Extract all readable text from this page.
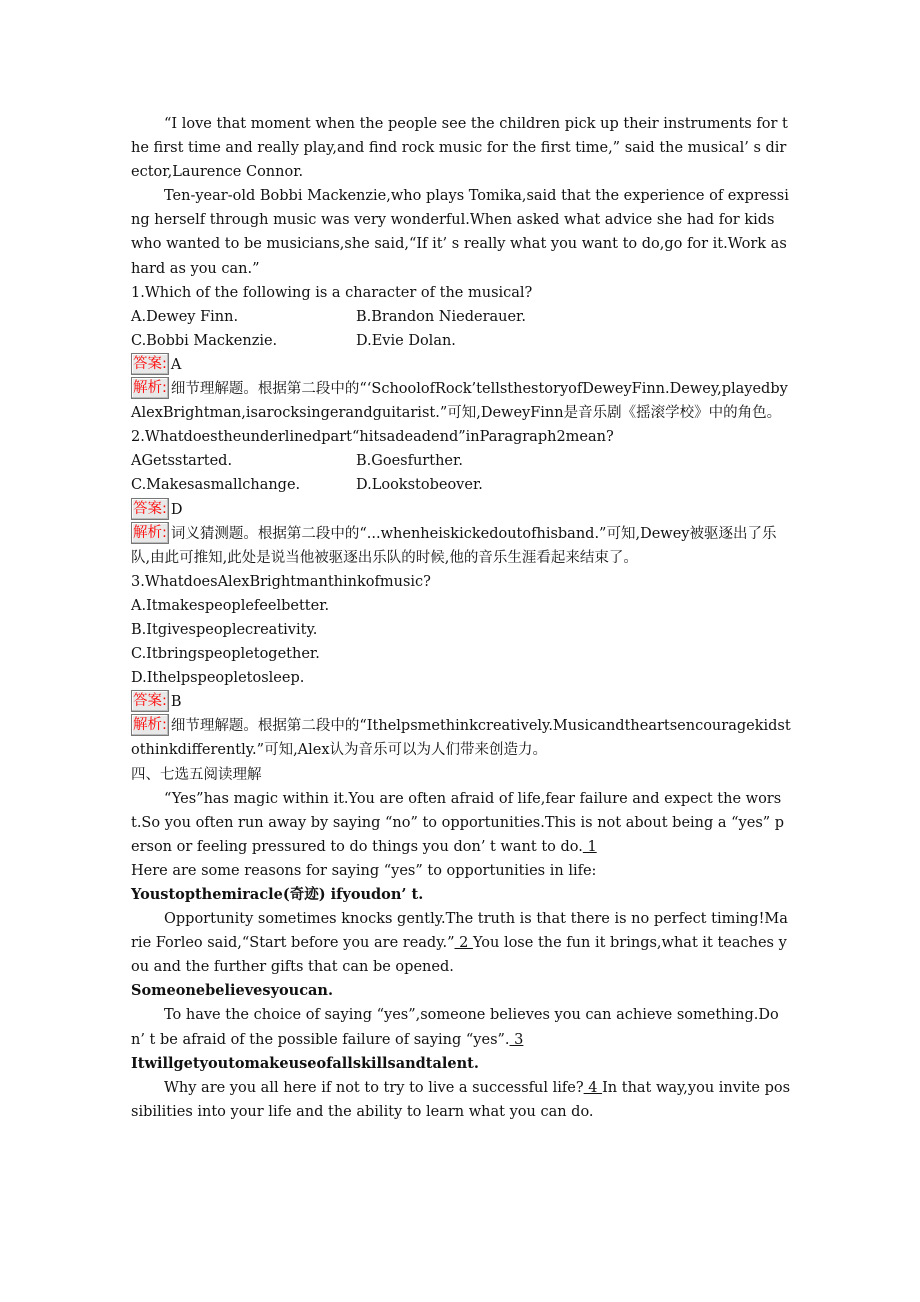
“I love that moment when the people see the children pick up their instruments for the first time and really play,and find rock music for the first time,” said the musical’ s director,Laurence Connor.

Ten-year-old Bobbi Mackenzie,who plays Tomika,said that the experience of expressing herself through music was very wonderful.When asked what advice she had for kids who wanted to be musicians,she said,“If it’ s really what you want to do,go for it.Work as hard as you can.”

1.Which of the following is a character of the musical?

A.Dewey Finn.	B.Brandon Niederauer.
C.Bobbi Mackenzie.	D.Evie Dolan.

答案: A

解析: 细节理解题。根据第二段中的“‘SchoolofRock’tellsthestoryofDeweyFinn.Dewey,playedbyAlexBrightman,isarocksingerandguitarist.”可知,DeweyFinn是音乐剧《摇滚学校》中的角色。

2.Whatdoestheunderlinedpart“hitsadeadend”inParagraph2mean?

AGetsstarted.	B.Goesfurther.
C.Makesasmallchange.	D.Lookstobeover.

答案: D

解析: 词义猜测题。根据第二段中的“...whenheiskickedoutofhisband.”可知,Dewey被驱逐出了乐队,由此可推知,此处是说当他被驱逐出乐队的时候,他的音乐生涯看起来结束了。

3.WhatdoesAlexBrightmanthinkofmusic?

A.Itmakespeoplefeelbetter.

B.Itgivespeoplecreativity.

C.Itbringspeopletogether.

D.Ithelpspeopletosleep.

答案: B

解析: 细节理解题。根据第二段中的“Ithelpsmethinkcreatively.Musicandtheartsencouragekidstothinkdifferently.”可知,Alex认为音乐可以为人们带来创造力。

四、七选五阅读理解

“Yes”has magic within it.You are often afraid of life,fear failure and expect the worst.So you often run away by saying “no” to opportunities.This is not about being a “yes” person or feeling pressured to do things you don’ t want to do. 1

Here are some reasons for saying “yes” to opportunities in life:

Youstopthemiracle(奇迹) ifyoudon’ t.

Opportunity sometimes knocks gently.The truth is that there is no perfect timing!Marie Forleo said,“Start before you are ready.” 2 You lose the fun it brings,what it teaches you and the further gifts that can be opened.

Someonebelievesyoucan.

To have the choice of saying “yes”,someone believes you can achieve something.Don’ t be afraid of the possible failure of saying “yes”. 3

Itwillgetyoutomakeuseofallskillsandtalent.

Why are you all here if not to try to live a successful life? 4 In that way,you invite possibilities into your life and the ability to learn what you can do.
